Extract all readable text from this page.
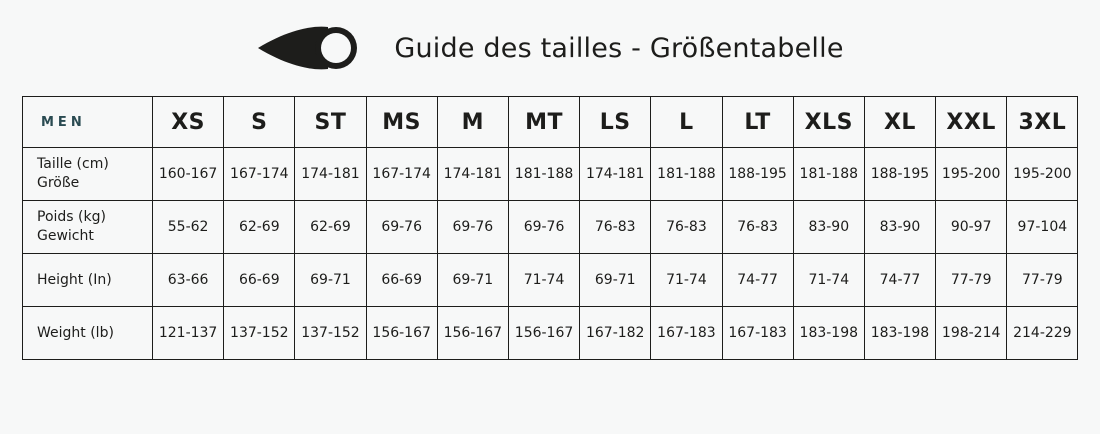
Guide des tailles - Größentabelle
MEN	XS	S	ST	MS	M	MT	LS	L	LT	XLS	XL	XXL	3XL
Taille (cm)
Größe	160-167	167-174	174-181	167-174	174-181	181-188	174-181	181-188	188-195	181-188	188-195	195-200	195-200
Poids (kg)
Gewicht	55-62	62-69	62-69	69-76	69-76	69-76	76-83	76-83	76-83	83-90	83-90	90-97	97-104
Height (In)	63-66	66-69	69-71	66-69	69-71	71-74	69-71	71-74	74-77	71-74	74-77	77-79	77-79
Weight (lb)	121-137	137-152	137-152	156-167	156-167	156-167	167-182	167-183	167-183	183-198	183-198	198-214	214-229
